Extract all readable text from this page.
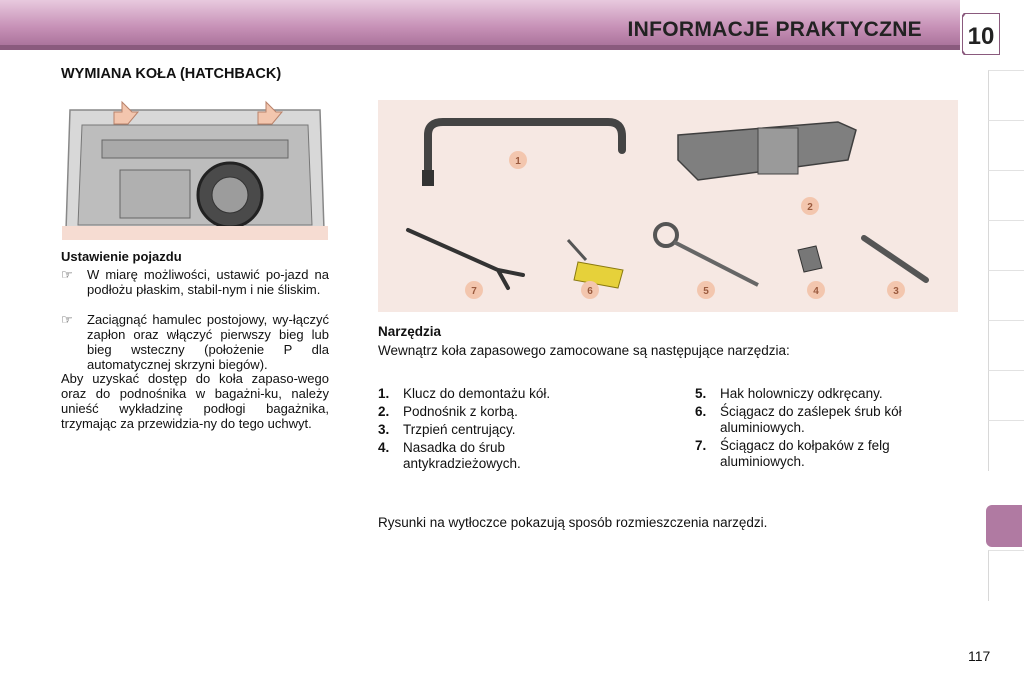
INFORMACJE PRAKTYCZNE 10
WYMIANA KOŁA (HATCHBACK)
Ustawienie pojazdu
☞ W miarę możliwości, ustawić po-jazd na podłożu płaskim, stabil-nym i nie śliskim.
☞ Zaciągnąć hamulec postojowy, wy-łączyć zapłon oraz włączyć pierwszy bieg lub bieg wsteczny (położenie P dla automatycznej skrzyni biegów).
Aby uzyskać dostęp do koła zapaso-wego oraz do podnośnika w bagażni-ku, należy unieść wykładzinę podłogi bagażnika, trzymając za przewidzia-ny do tego uchwyt.
1
2
3
4
5
6
7
Narzędzia
Wewnątrz koła zapasowego zamocowane są następujące narzędzia:
1. Klucz do demontażu kół.
2. Podnośnik z korbą.
3. Trzpień centrujący.
4. Nasadka do śrub antykradzieżowych.
5. Hak holowniczy odkręcany.
6. Ściągacz do zaślepek śrub kół aluminiowych.
7. Ściągacz do kołpaków z felg aluminiowych.
Rysunki na wytłoczce pokazują sposób rozmieszczenia narzędzi.
117
